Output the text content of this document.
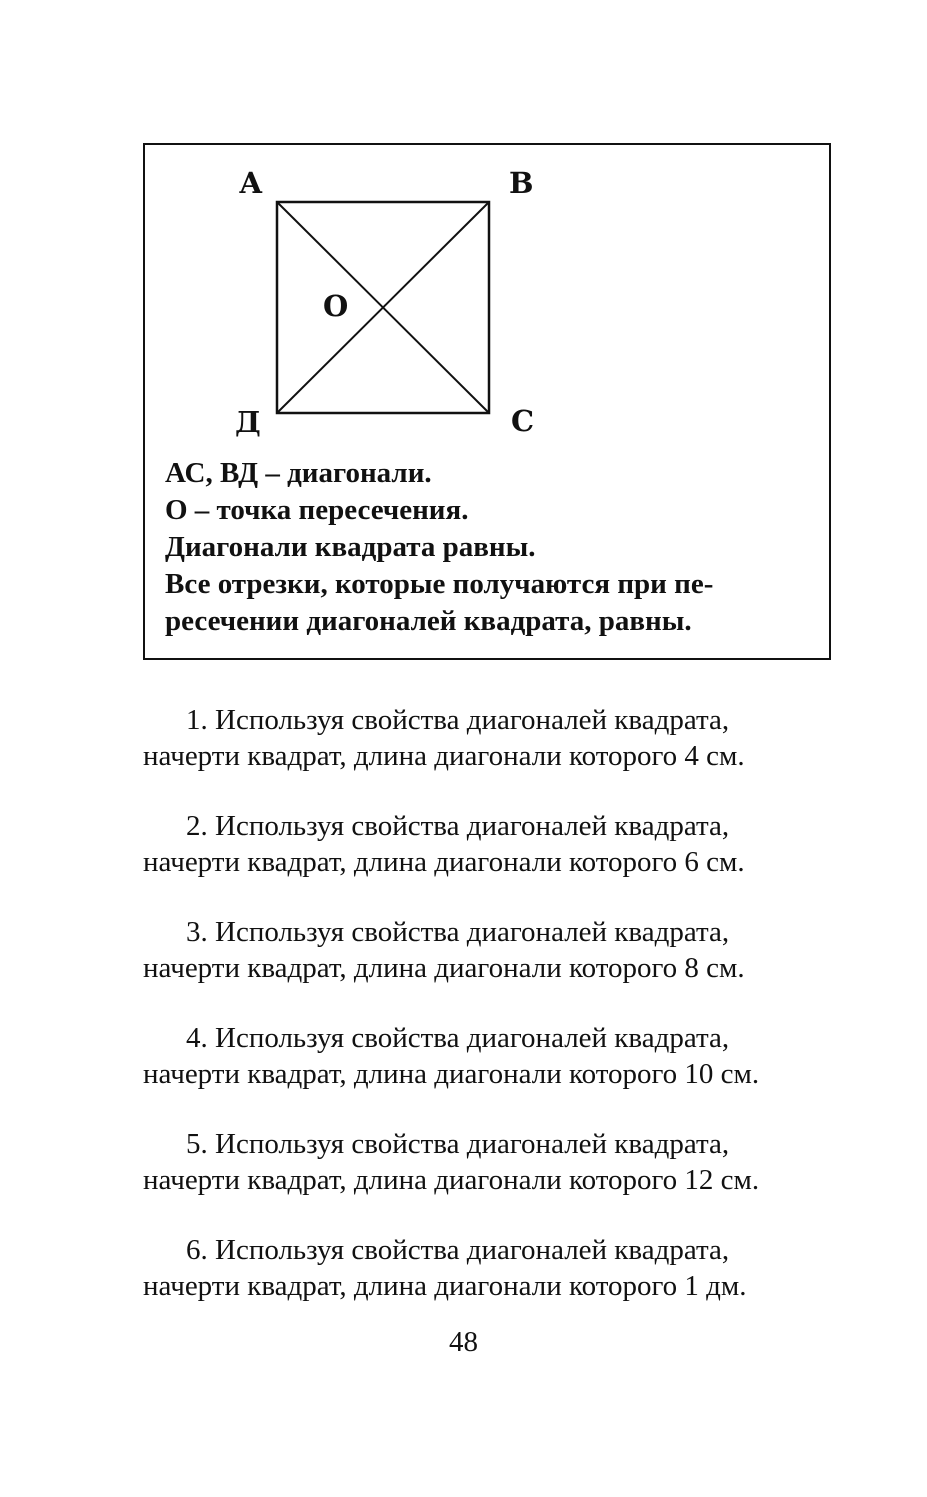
А	В
О
Д	С
АС, ВД – диагонали.
О – точка пересечения.
Диагонали квадрата равны.
Все отрезки, которые получаются при пе-
ресечении диагоналей квадрата, равны.
1. Используя свойства диагоналей квадрата,
начерти квадрат, длина диагонали которого 4 см.
2. Используя свойства диагоналей квадрата,
начерти квадрат, длина диагонали которого 6 см.
3. Используя свойства диагоналей квадрата,
начерти квадрат, длина диагонали которого 8 см.
4. Используя свойства диагоналей квадрата,
начерти квадрат, длина диагонали которого 10 см.
5. Используя свойства диагоналей квадрата,
начерти квадрат, длина диагонали которого 12 см.
6. Используя свойства диагоналей квадрата,
начерти квадрат, длина диагонали которого 1 дм.
48
